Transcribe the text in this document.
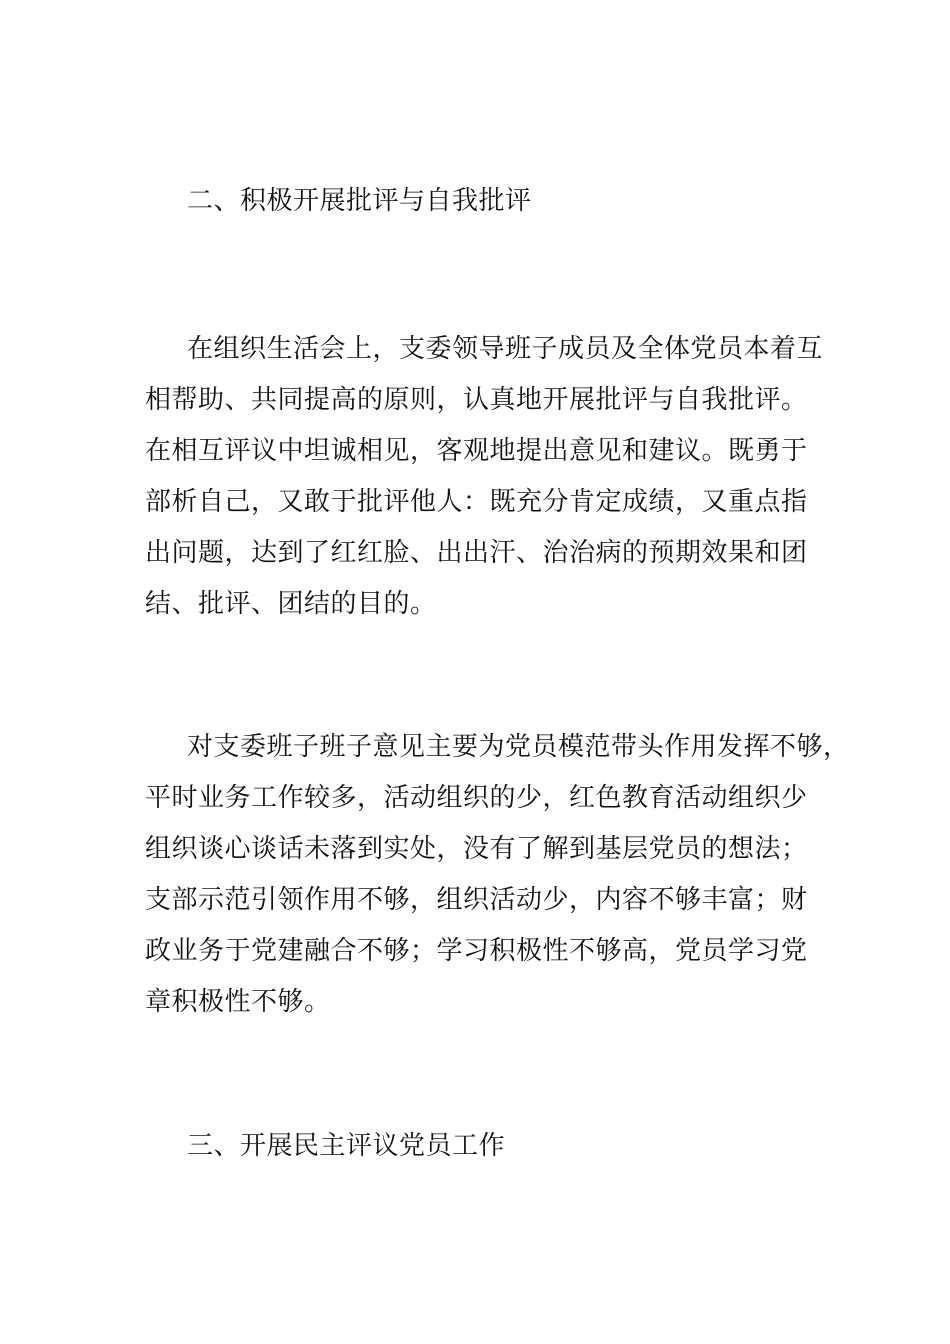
二、积极开展批评与自我批评
在组织生活会上，支委领导班子成员及全体党员本着互
相帮助、共同提高的原则，认真地开展批评与自我批评。
在相互评议中坦诚相见，客观地提出意见和建议。既勇于
部析自己，又敢于批评他人：既充分肯定成绩，又重点指
出问题，达到了红红脸、出出汗、治治病的预期效果和团
结、批评、团结的目的。
对支委班子班子意见主要为党员模范带头作用发挥不够，
平时业务工作较多，活动组织的少，红色教育活动组织少
组织谈心谈话未落到实处，没有了解到基层党员的想法；
支部示范引领作用不够，组织活动少，内容不够丰富；财
政业务于党建融合不够；学习积极性不够高，党员学习党
章积极性不够。
三、开展民主评议党员工作
